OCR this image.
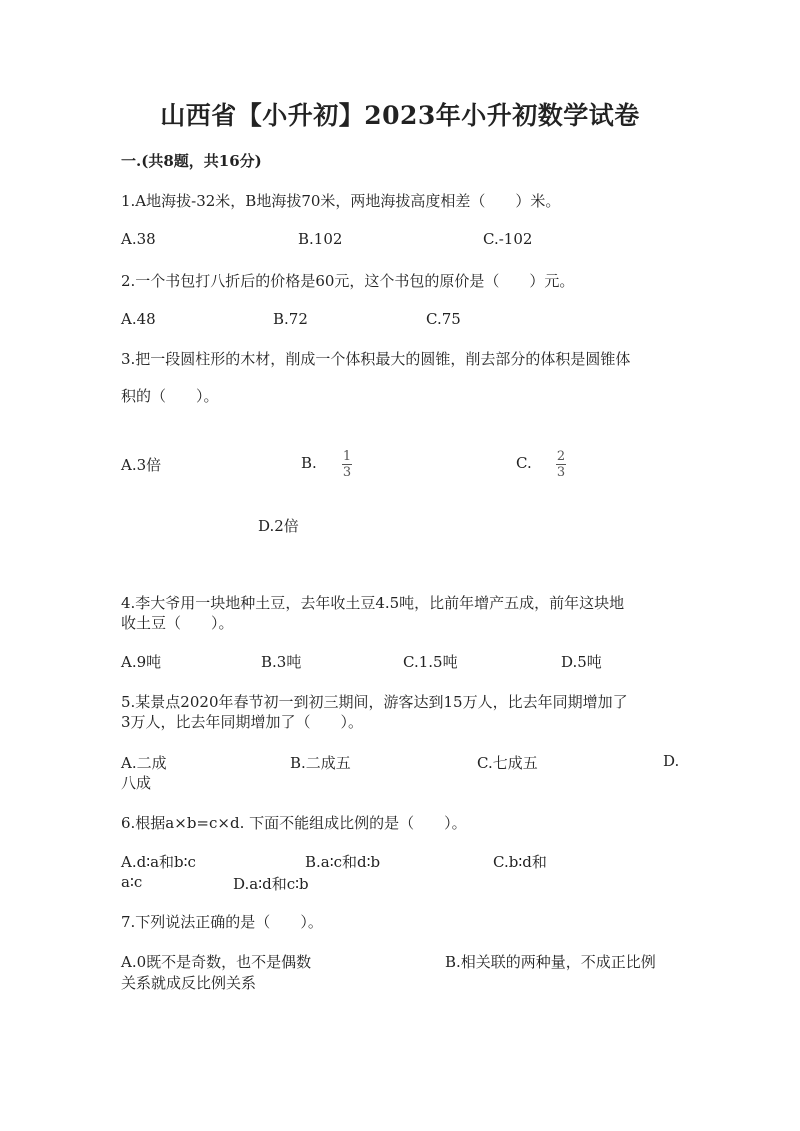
山西省【小升初】2023年小升初数学试卷
一.(共8题，共16分)
1.A地海拔-32米，B地海拔70米，两地海拔高度相差（　　）米。
A.38	B.102	C.-102
2.一个书包打八折后的价格是60元，这个书包的原价是（　　）元。
A.48	B.72	C.75
3.把一段圆柱形的木材，削成一个体积最大的圆锥，削去部分的体积是圆锥体
积的（　　）。
A.3倍	B. 1
3
C. 2
3
D.2倍
4.李大爷用一块地种土豆，去年收土豆4.5吨，比前年增产五成，前年这块地
收土豆（　　）。
A.9吨	B.3吨	C.1.5吨	D.5吨
5.某景点2020年春节初一到初三期间，游客达到15万人，比去年同期增加了
3万人，比去年同期增加了（　　）。
A.二成	B.二成五	C.七成五	D.
八成
6.根据a×b=c×d. 下面不能组成比例的是（　　）。
A.d∶a和b∶c	B.a∶c和d∶b	C.b∶d和
a∶c	D.a∶d和c∶b
7.下列说法正确的是（　　）。
A.0既不是奇数，也不是偶数	B.相关联的两种量，不成正比例
关系就成反比例关系
